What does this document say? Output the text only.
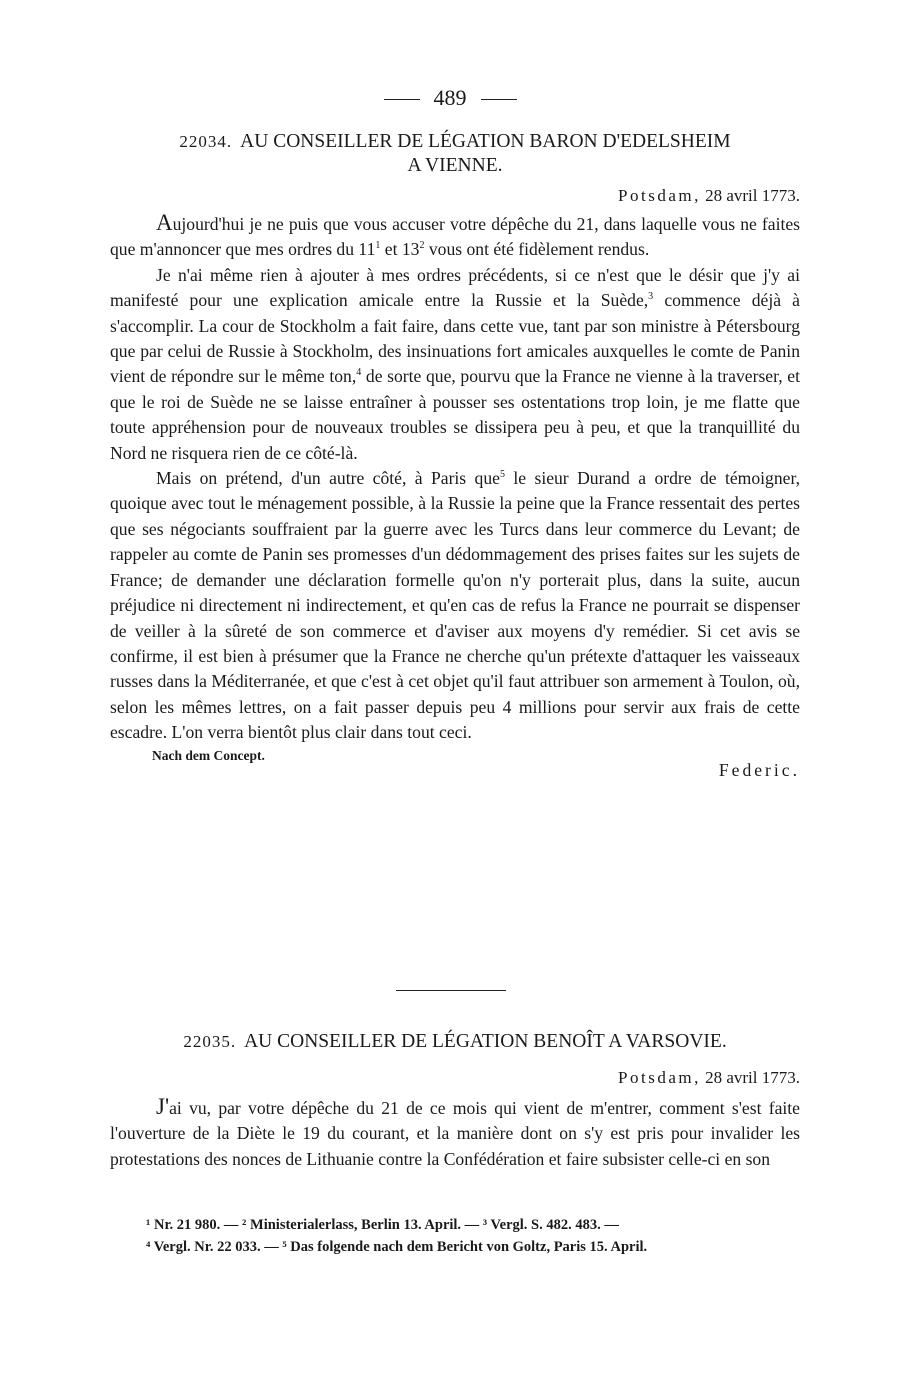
489
22034. AU CONSEILLER DE LÉGATION BARON D'EDELSHEIM
A VIENNE.
Potsdam, 28 avril 1773.

Aujourd'hui je ne puis que vous accuser votre dépêche du 21, dans laquelle vous ne faites que m'annoncer que mes ordres du $11^1$ et $13^2$ vous ont été fidèlement rendus.

Je n'ai même rien à ajouter à mes ordres précédents, si ce n'est que le désir que j'y ai manifesté pour une explication amicale entre la Russie et la Suède,$^3$ commence déjà à s'accomplir. La cour de Stockholm a fait faire, dans cette vue, tant par son ministre à Pétersbourg que par celui de Russie à Stockholm, des insinuations fort amicales auxquelles le comte de Panin vient de répondre sur le même ton,$^4$ de sorte que, pourvu que la France ne vienne à la traverser, et que le roi de Suède ne se laisse entraîner à pousser ses ostentations trop loin, je me flatte que toute appréhension pour de nouveaux troubles se dissipera peu à peu, et que la tranquillité du Nord ne risquera rien de ce côté-là.

Mais on prétend, d'un autre côté, à Paris que$^5$ le sieur Durand a ordre de témoigner, quoique avec tout le ménagement possible, à la Russie la peine que la France ressentait des pertes que ses négociants souffraient par la guerre avec les Turcs dans leur commerce du Levant; de rappeler au comte de Panin ses promesses d'un dédommagement des prises faites sur les sujets de France; de demander une déclaration formelle qu'on n'y porterait plus, dans la suite, aucun préjudice ni directement ni indirectement, et qu'en cas de refus la France ne pourrait se dispenser de veiller à la sûreté de son commerce et d'aviser aux moyens d'y remédier. Si cet avis se confirme, il est bien à présumer que la France ne cherche qu'un prétexte d'attaquer les vaisseaux russes dans la Méditerranée, et que c'est à cet objet qu'il faut attribuer son armement à Toulon, où, selon les mêmes lettres, on a fait passer depuis peu 4 millions pour servir aux frais de cette escadre. L'on verra bientôt plus clair dans tout ceci.

Federic.
Nach dem Concept.
22035. AU CONSEILLER DE LÉGATION BENOÎT A VARSOVIE.
Potsdam, 28 avril 1773.

J'ai vu, par votre dépêche du 21 de ce mois qui vient de m'entrer, comment s'est faite l'ouverture de la Diète le 19 du courant, et la manière dont on s'y est pris pour invalider les protestations des nonces de Lithuanie contre la Confédération et faire subsister celle-ci en son

¹ Nr. 21 980. — ² Ministerialerlass, Berlin 13. April. — ³ Vergl. S. 482. 483. —
⁴ Vergl. Nr. 22 033. — ⁵ Das folgende nach dem Bericht von Goltz, Paris 15. April.
